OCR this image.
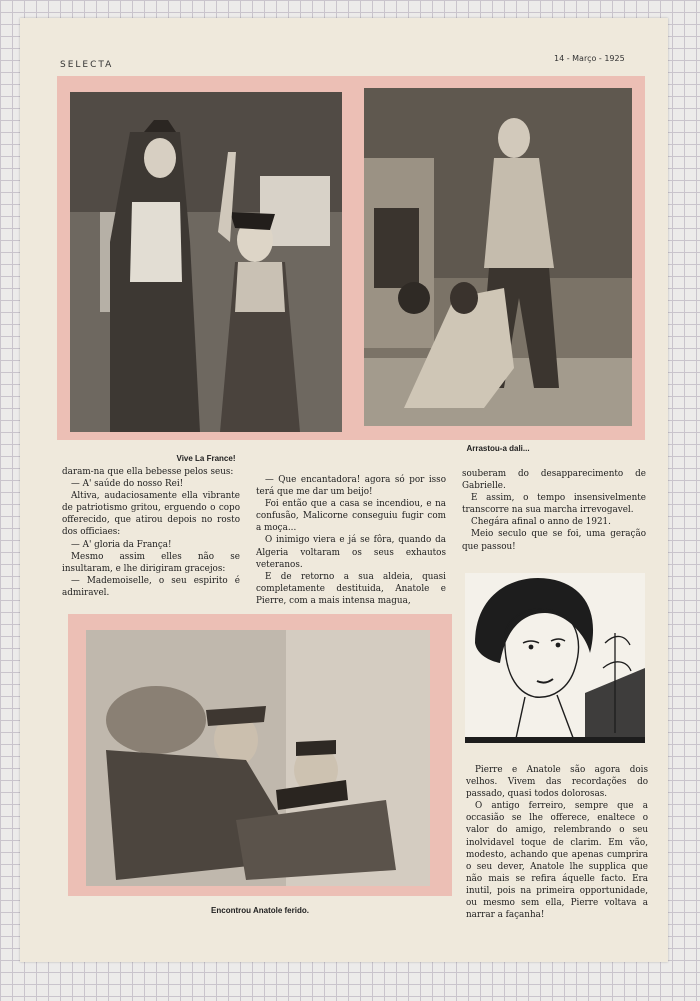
SELECTA
14 - Março - 1925
Vive La France!
Arrastou-a dali...

daram-na que ella bebesse pelos seus:

— A' saúde do nosso Rei!

Altiva, audaciosamente ella vibrante de patriotismo gritou, erguendo o copo offerecido, que atirou depois no rosto dos officiaes:

— A' gloria da França!

Mesmo assim elles não se insultaram, e lhe dirigiram gracejos:

— Mademoiselle, o seu espirito é admiravel.

— Que encantadora! agora só por isso terá que me dar um beijo!

Foi então que a casa se incendiou, e na confusão, Malicorne conseguiu fugir com a moça...

O inimigo viera e já se fôra, quando da Algeria voltaram os seus exhautos veteranos.

E de retorno a sua aldeia, quasi completamente destituida, Anatole e Pierre, com a mais intensa magua,

souberam do desapparecimento de Gabrielle.

E assim, o tempo insensivelmente transcorre na sua marcha irrevogavel.

Chegára afinal o anno de 1921.

Meio seculo que se foi, uma geração que passou!

Encontrou Anatole ferido.

Pierre e Anatole são agora dois velhos. Vivem das recordações do passado, quasi todos dolorosas.

O antigo ferreiro, sempre que a occasião se lhe offerece, enaltece o valor do amigo, relembrando o seu inolvidavel toque de clarim. Em vão, modesto, achando que apenas cumprira o seu dever, Anatole lhe supplica que não mais se refira áquelle facto. Era inutil, pois na primeira opportunidade, ou mesmo sem ella, Pierre voltava a narrar a façanha!
